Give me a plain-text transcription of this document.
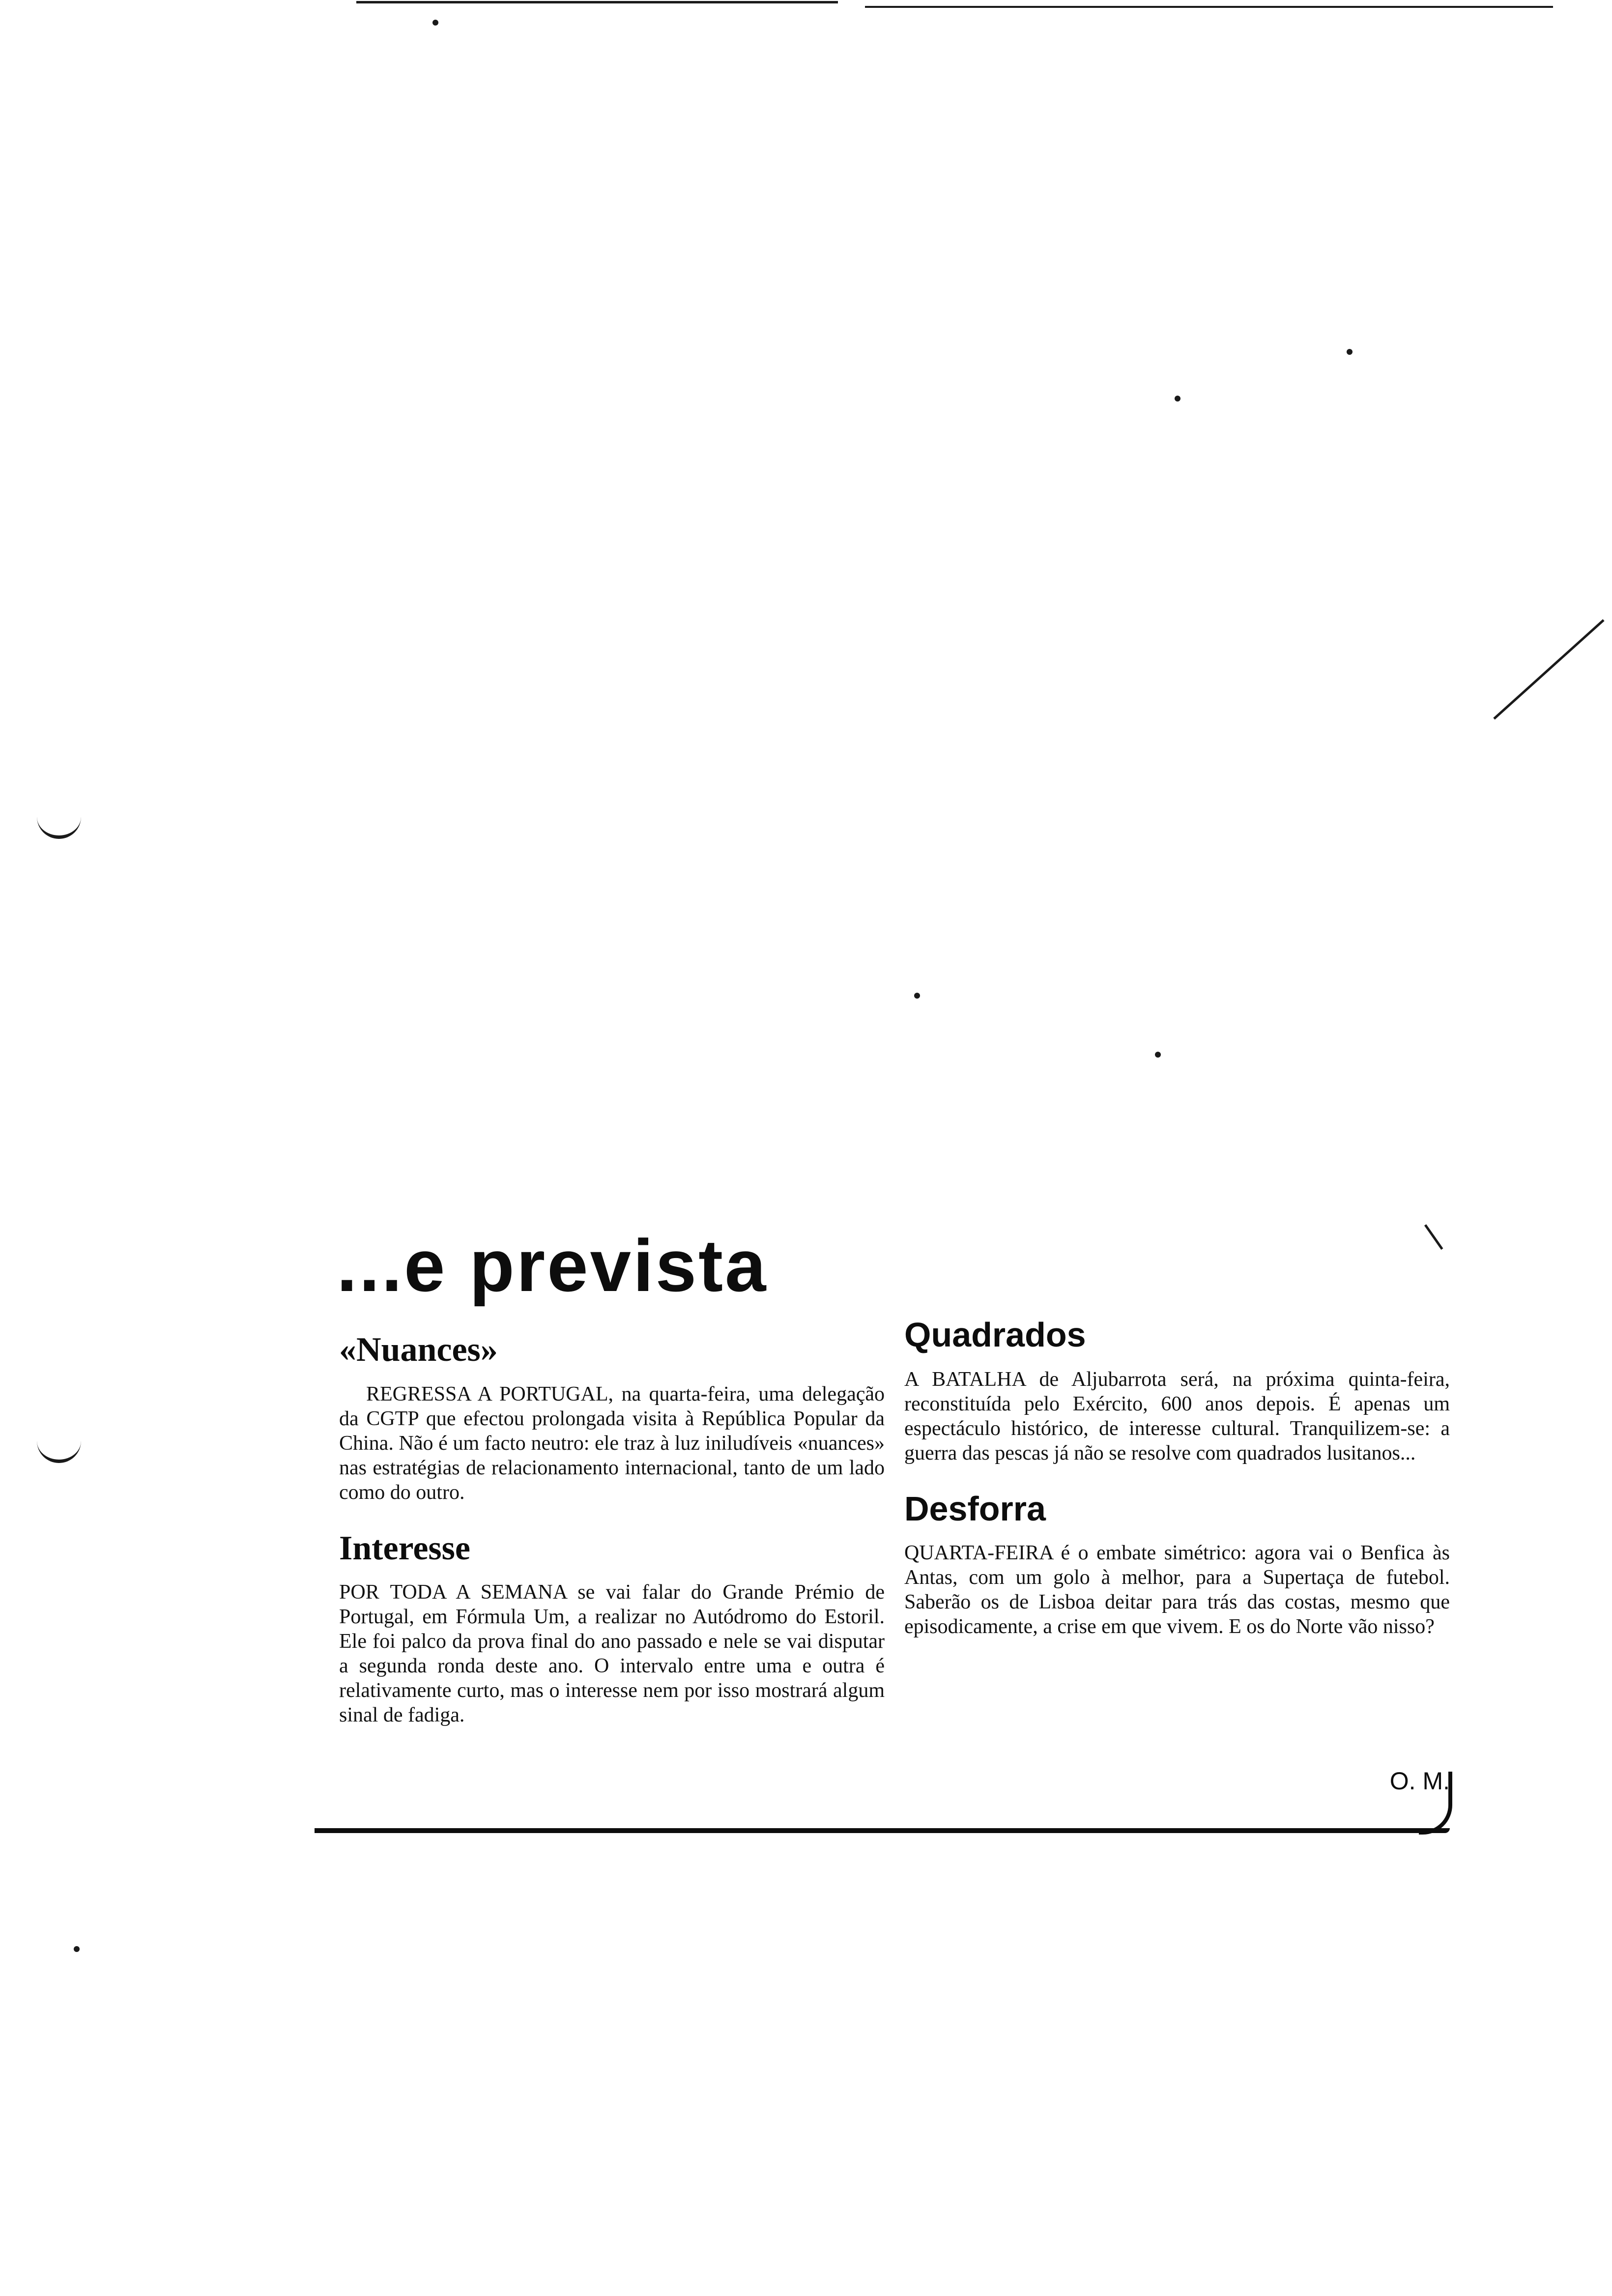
...e prevista
«Nuances»

REGRESSA A PORTUGAL, na quarta-feira, uma delegação da CGTP que efectou prolongada visita à República Popular da China. Não é um facto neutro: ele traz à luz iniludíveis «nuances» nas estratégias de relacionamento internacional, tanto de um lado como do outro.

Interesse

POR TODA A SEMANA se vai falar do Grande Prémio de Portugal, em Fórmula Um, a realizar no Autódromo do Estoril. Ele foi palco da prova final do ano passado e nele se vai disputar a segunda ronda deste ano. O intervalo entre uma e outra é relativamente curto, mas o interesse nem por isso mostrará algum sinal de fadiga.

Quadrados

A BATALHA de Aljubarrota será, na próxima quinta-feira, reconstituída pelo Exército, 600 anos depois. É apenas um espectáculo histórico, de interesse cultural. Tranquilizem-se: a guerra das pescas já não se resolve com quadrados lusitanos...

Desforra

QUARTA-FEIRA é o embate simétrico: agora vai o Benfica às Antas, com um golo à melhor, para a Supertaça de futebol. Saberão os de Lisboa deitar para trás das costas, mesmo que episodicamente, a crise em que vivem. E os do Norte vão nisso?

O. M.
